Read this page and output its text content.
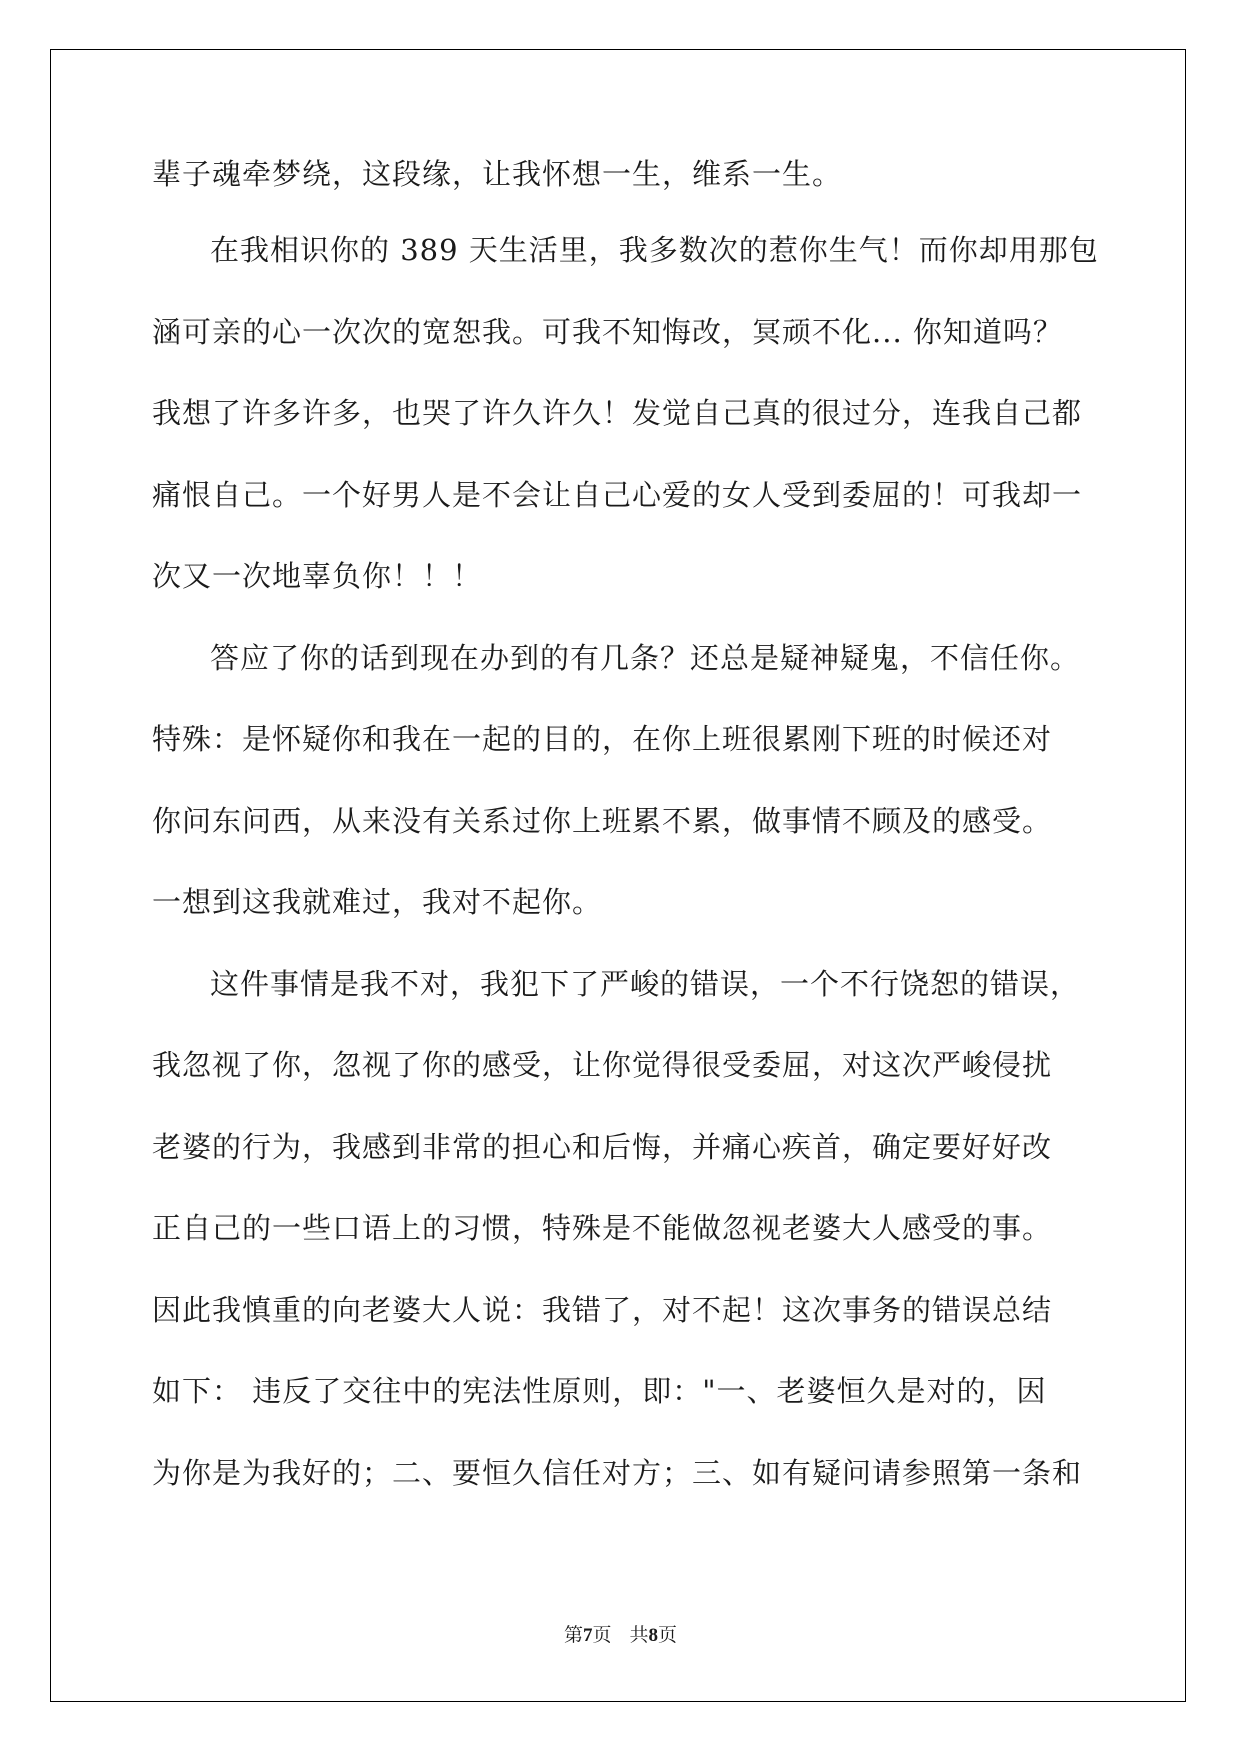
辈子魂牵梦绕，这段缘，让我怀想一生，维系一生。
在我相识你的 389 天生活里，我多数次的惹你生气！而你却用那包
涵可亲的心一次次的宽恕我。可我不知悔改，冥顽不化... 你知道吗？
我想了许多许多，也哭了许久许久！发觉自己真的很过分，连我自己都
痛恨自己。一个好男人是不会让自己心爱的女人受到委屈的！可我却一
次又一次地辜负你！！！
答应了你的话到现在办到的有几条？还总是疑神疑鬼，不信任你。
特殊：是怀疑你和我在一起的目的，在你上班很累刚下班的时候还对
你问东问西，从来没有关系过你上班累不累，做事情不顾及的感受。
一想到这我就难过，我对不起你。
这件事情是我不对，我犯下了严峻的错误，一个不行饶恕的错误，
我忽视了你，忽视了你的感受，让你觉得很受委屈，对这次严峻侵扰
老婆的行为，我感到非常的担心和后悔，并痛心疾首，确定要好好改
正自己的一些口语上的习惯，特殊是不能做忽视老婆大人感受的事。
因此我慎重的向老婆大人说：我错了，对不起！这次事务的错误总结
如下： 违反了交往中的宪法性原则，即："一、老婆恒久是对的，因
为你是为我好的；二、要恒久信任对方；三、如有疑问请参照第一条和
第7页 共8页
